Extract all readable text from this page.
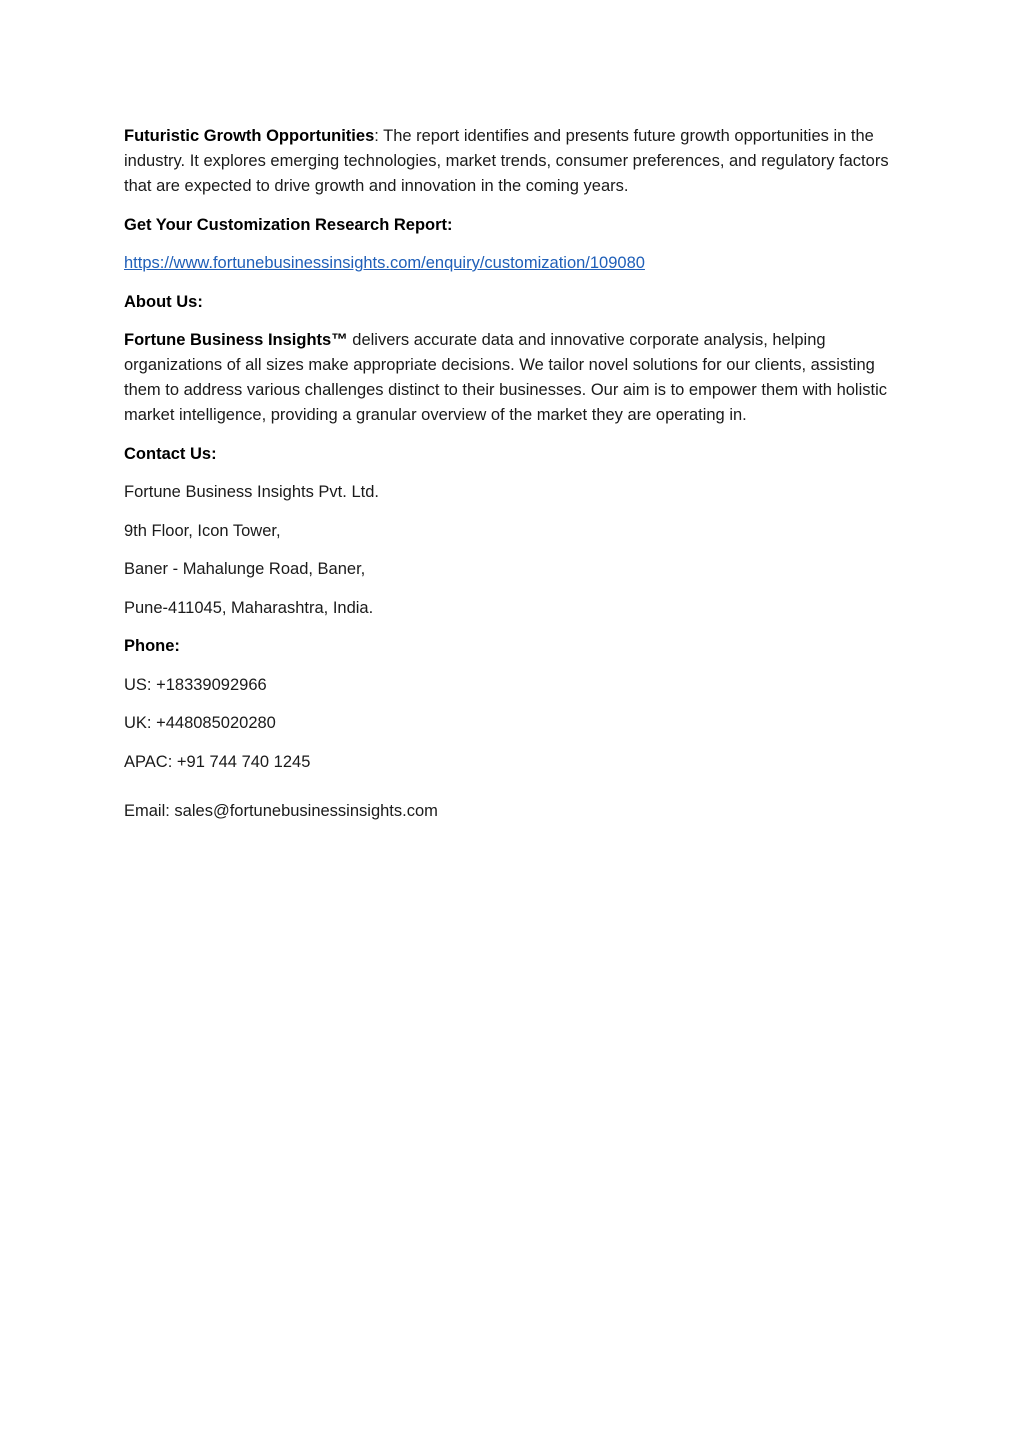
Futuristic Growth Opportunities: The report identifies and presents future growth opportunities in the industry. It explores emerging technologies, market trends, consumer preferences, and regulatory factors that are expected to drive growth and innovation in the coming years.

Get Your Customization Research Report:

https://www.fortunebusinessinsights.com/enquiry/customization/109080

About Us:

Fortune Business Insights™ delivers accurate data and innovative corporate analysis, helping organizations of all sizes make appropriate decisions. We tailor novel solutions for our clients, assisting them to address various challenges distinct to their businesses. Our aim is to empower them with holistic market intelligence, providing a granular overview of the market they are operating in.

Contact Us:

Fortune Business Insights Pvt. Ltd.

9th Floor, Icon Tower,

Baner - Mahalunge Road, Baner,

Pune-411045, Maharashtra, India.

Phone:

US: +18339092966

UK: +448085020280

APAC: +91 744 740 1245

Email: sales@fortunebusinessinsights.com
